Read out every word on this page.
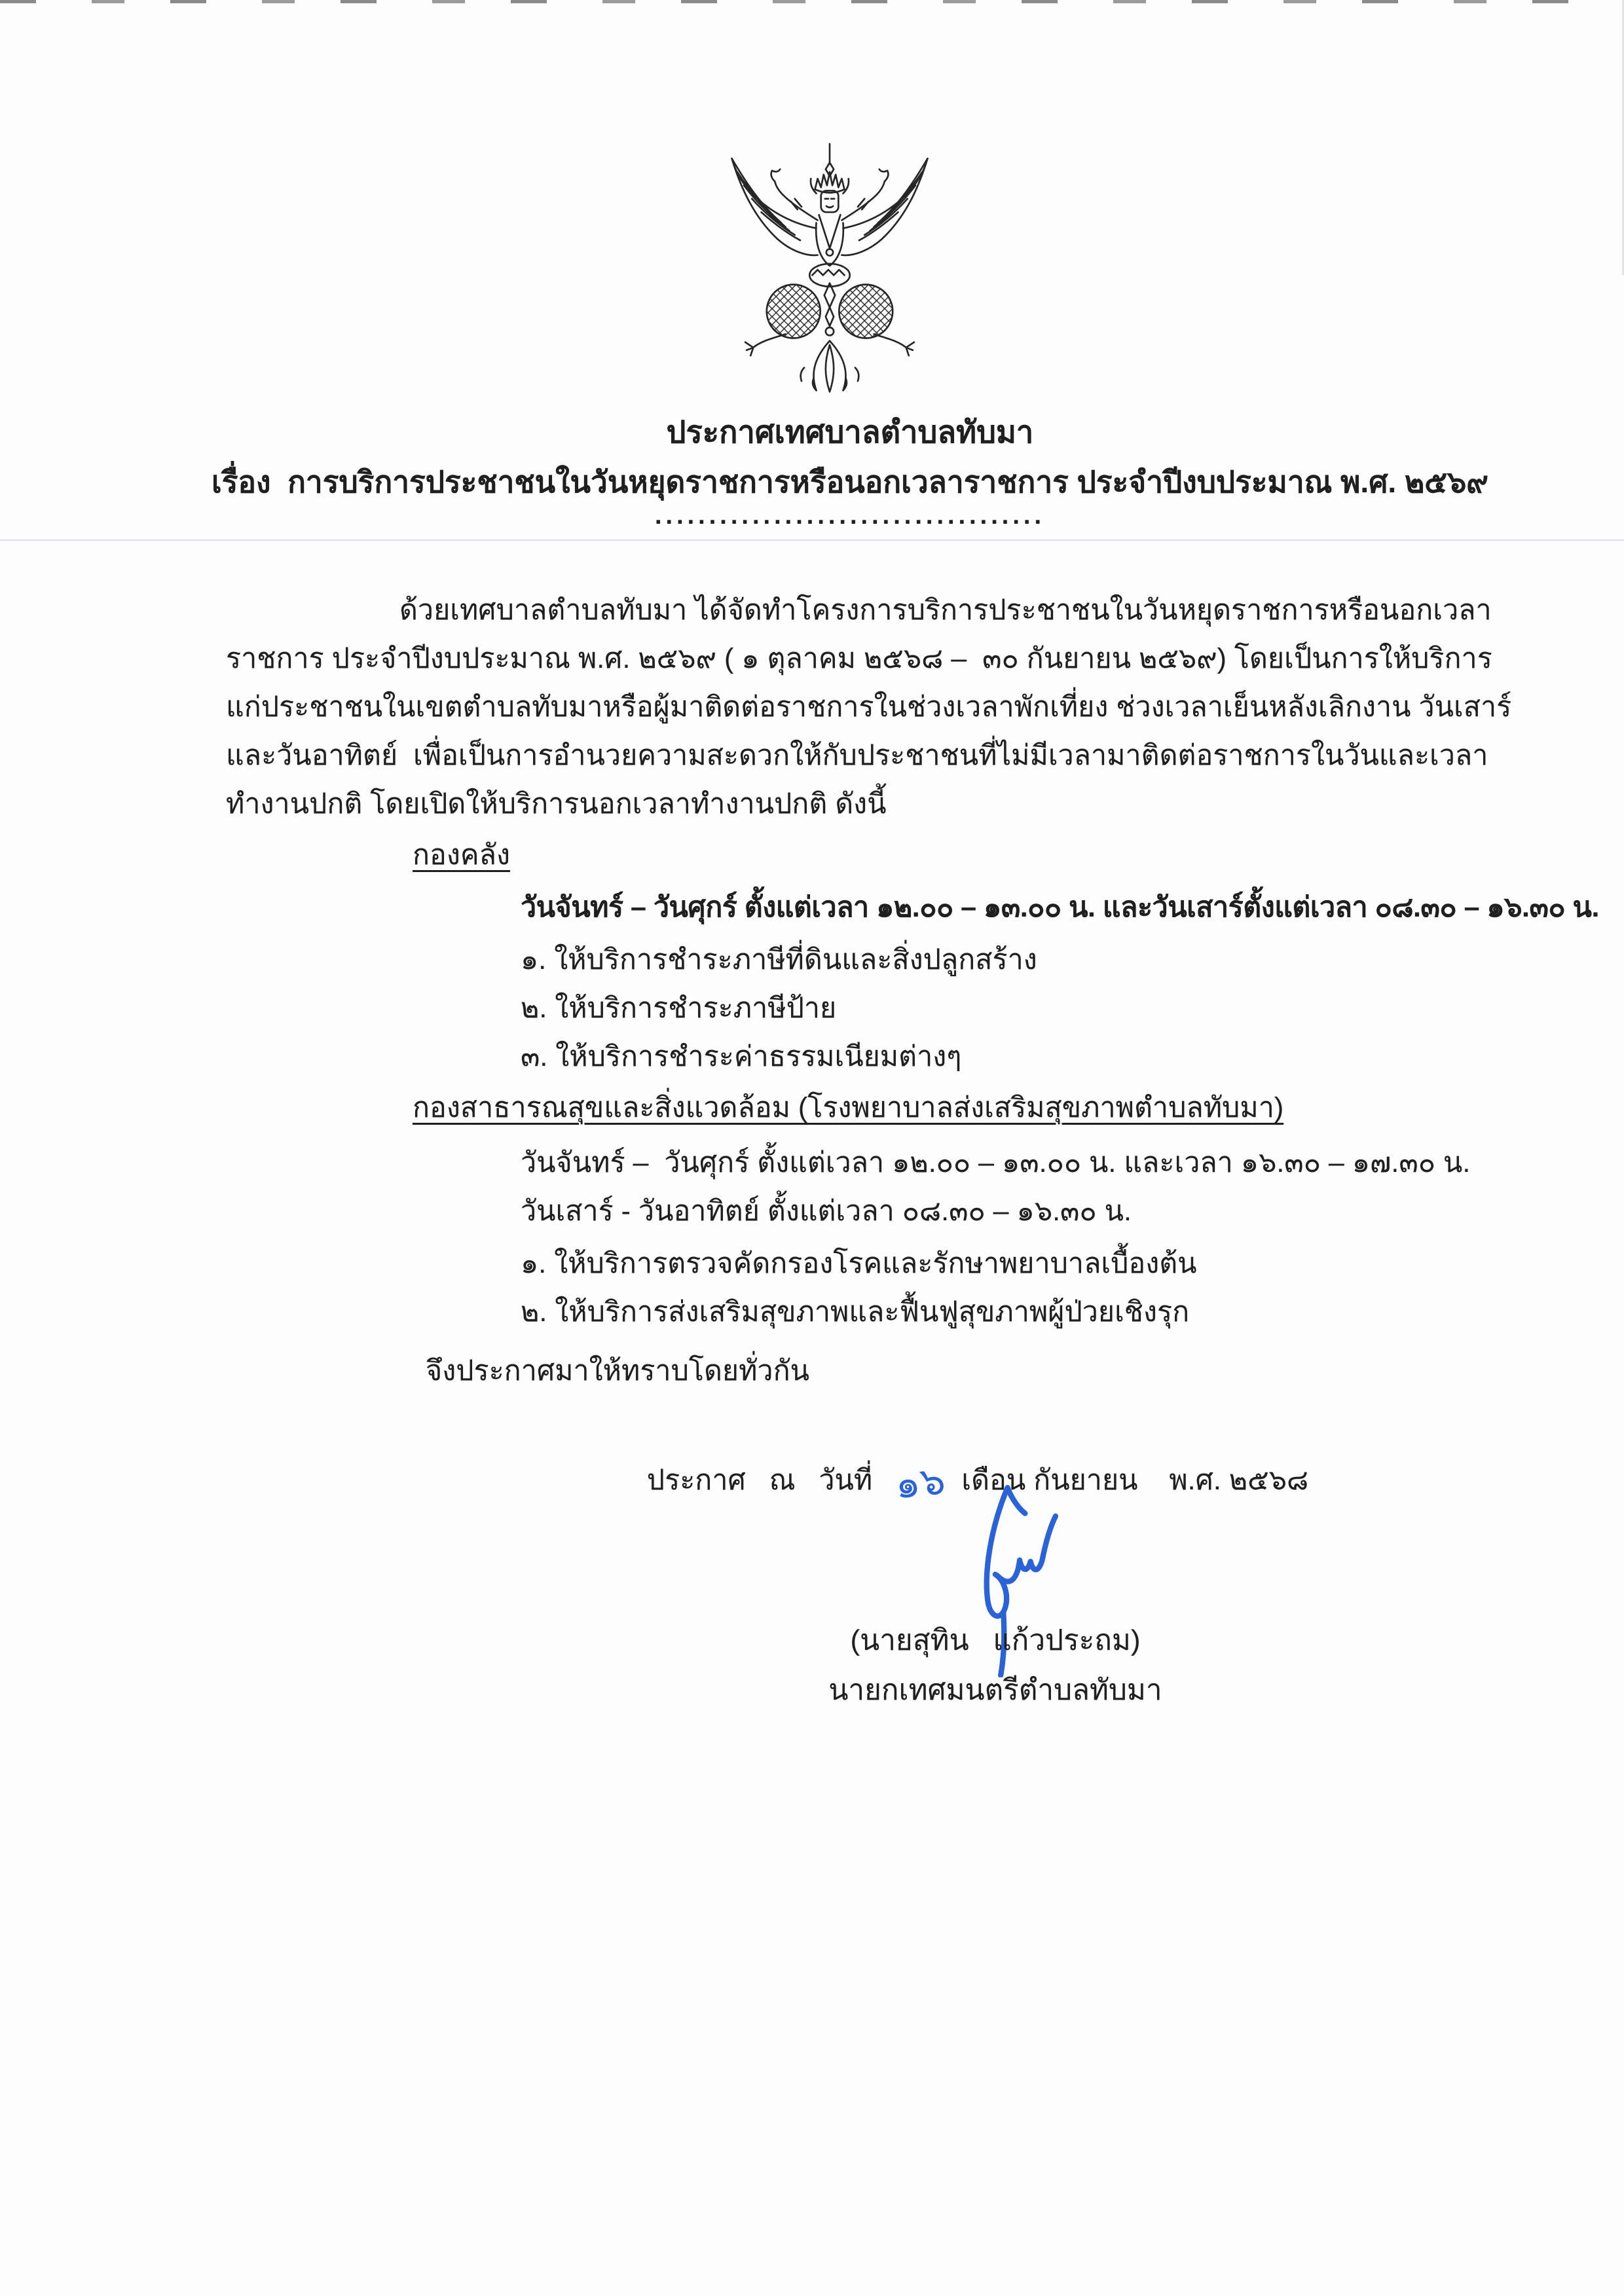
ประกาศเทศบาลตำบลทับมา
เรื่อง  การบริการประชาชนในวันหยุดราชการหรือนอกเวลาราชการ ประจำปีงบประมาณ พ.ศ. ๒๕๖๙
....................................
ด้วยเทศบาลตำบลทับมา ได้จัดทำโครงการบริการประชาชนในวันหยุดราชการหรือนอกเวลา
ราชการ ประจำปีงบประมาณ พ.ศ. ๒๕๖๙ ( ๑ ตุลาคม ๒๕๖๘ –  ๓๐ กันยายน ๒๕๖๙) โดยเป็นการให้บริการ
แก่ประชาชนในเขตตำบลทับมาหรือผู้มาติดต่อราชการในช่วงเวลาพักเที่ยง ช่วงเวลาเย็นหลังเลิกงาน วันเสาร์
และวันอาทิตย์  เพื่อเป็นการอำนวยความสะดวกให้กับประชาชนที่ไม่มีเวลามาติดต่อราชการในวันและเวลา
ทำงานปกติ โดยเปิดให้บริการนอกเวลาทำงานปกติ ดังนี้
กองคลัง
วันจันทร์ – วันศุกร์ ตั้งแต่เวลา ๑๒.๐๐ – ๑๓.๐๐ น. และวันเสาร์ตั้งแต่เวลา ๐๘.๓๐ – ๑๖.๓๐ น.
๑. ให้บริการชำระภาษีที่ดินและสิ่งปลูกสร้าง
๒. ให้บริการชำระภาษีป้าย
๓. ให้บริการชำระค่าธรรมเนียมต่างๆ
กองสาธารณสุขและสิ่งแวดล้อม (โรงพยาบาลส่งเสริมสุขภาพตำบลทับมา)
วันจันทร์ –  วันศุกร์ ตั้งแต่เวลา ๑๒.๐๐ – ๑๓.๐๐ น. และเวลา ๑๖.๓๐ – ๑๗.๓๐ น.
วันเสาร์ - วันอาทิตย์ ตั้งแต่เวลา ๐๘.๓๐ – ๑๖.๓๐ น.
๑. ให้บริการตรวจคัดกรองโรคและรักษาพยาบาลเบื้องต้น
๒. ให้บริการส่งเสริมสุขภาพและฟื้นฟูสุขภาพผู้ป่วยเชิงรุก
จึงประกาศมาให้ทราบโดยทั่วกัน

ประกาศ   ณ   วันที่ ๑๖ เดือน กันยายน    พ.ศ. ๒๕๖๘

(นายสุทิน   แก้วประถม)
นายกเทศมนตรีตำบลทับมา
